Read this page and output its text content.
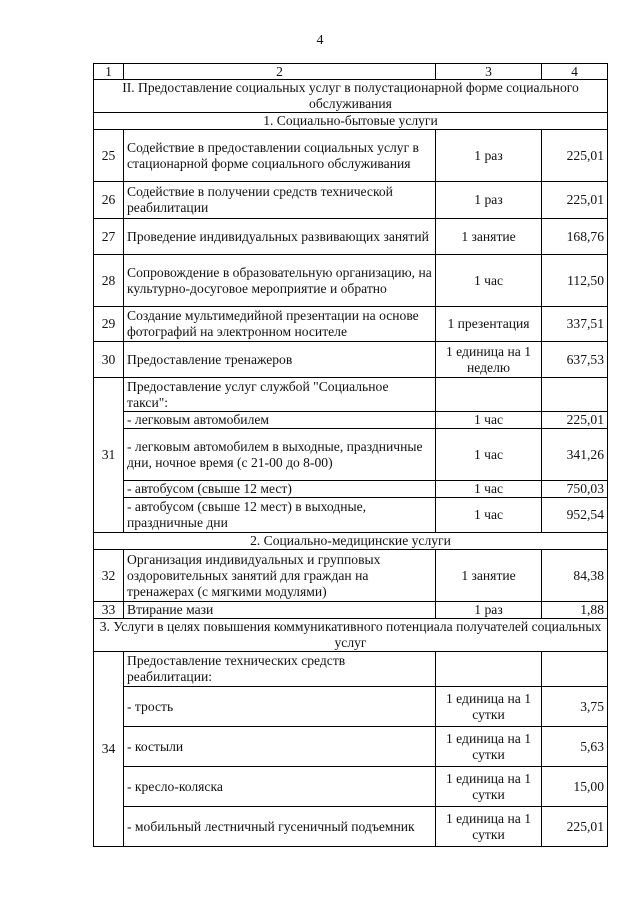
4
1	2	3	4
II. Предоставление социальных услуг в полустационарной форме социального обслуживания			
1. Социально-бытовые услуги			
25	Содействие в предоставлении социальных услуг в стационарной форме социального обслуживания	1 раз	225,01
26	Содействие в получении средств технической реабилитации	1 раз	225,01
27	Проведение индивидуальных развивающих занятий	1 занятие	168,76
28	Сопровождение в образовательную организацию, на культурно-досуговое мероприятие и обратно	1 час	112,50
29	Создание мультимедийной презентации на основе фотографий на электронном носителе	1 презентация	337,51
30	Предоставление тренажеров	1 единица на 1 неделю	637,53
31	Предоставление услуг службой "Социальное такси":		
	- легковым автомобилем	1 час	225,01
	- легковым автомобилем в выходные, праздничные дни, ночное время (с 21-00 до 8-00)	1 час	341,26
	- автобусом (свыше 12 мест)	1 час	750,03
	- автобусом (свыше 12 мест) в выходные, праздничные дни	1 час	952,54
2. Социально-медицинские услуги			
32	Организация индивидуальных и групповых оздоровительных занятий для граждан на тренажерах (с мягкими модулями)	1 занятие	84,38
33	Втирание мази	1 раз	1,88
3. Услуги в целях повышения коммуникативного потенциала получателей социальных услуг			
34	Предоставление технических средств реабилитации:		
	- трость	1 единица на 1 сутки	3,75
	- костыли	1 единица на 1 сутки	5,63
	- кресло-коляска	1 единица на 1 сутки	15,00
	- мобильный лестничный гусеничный подъемник	1 единица на 1 сутки	225,01
